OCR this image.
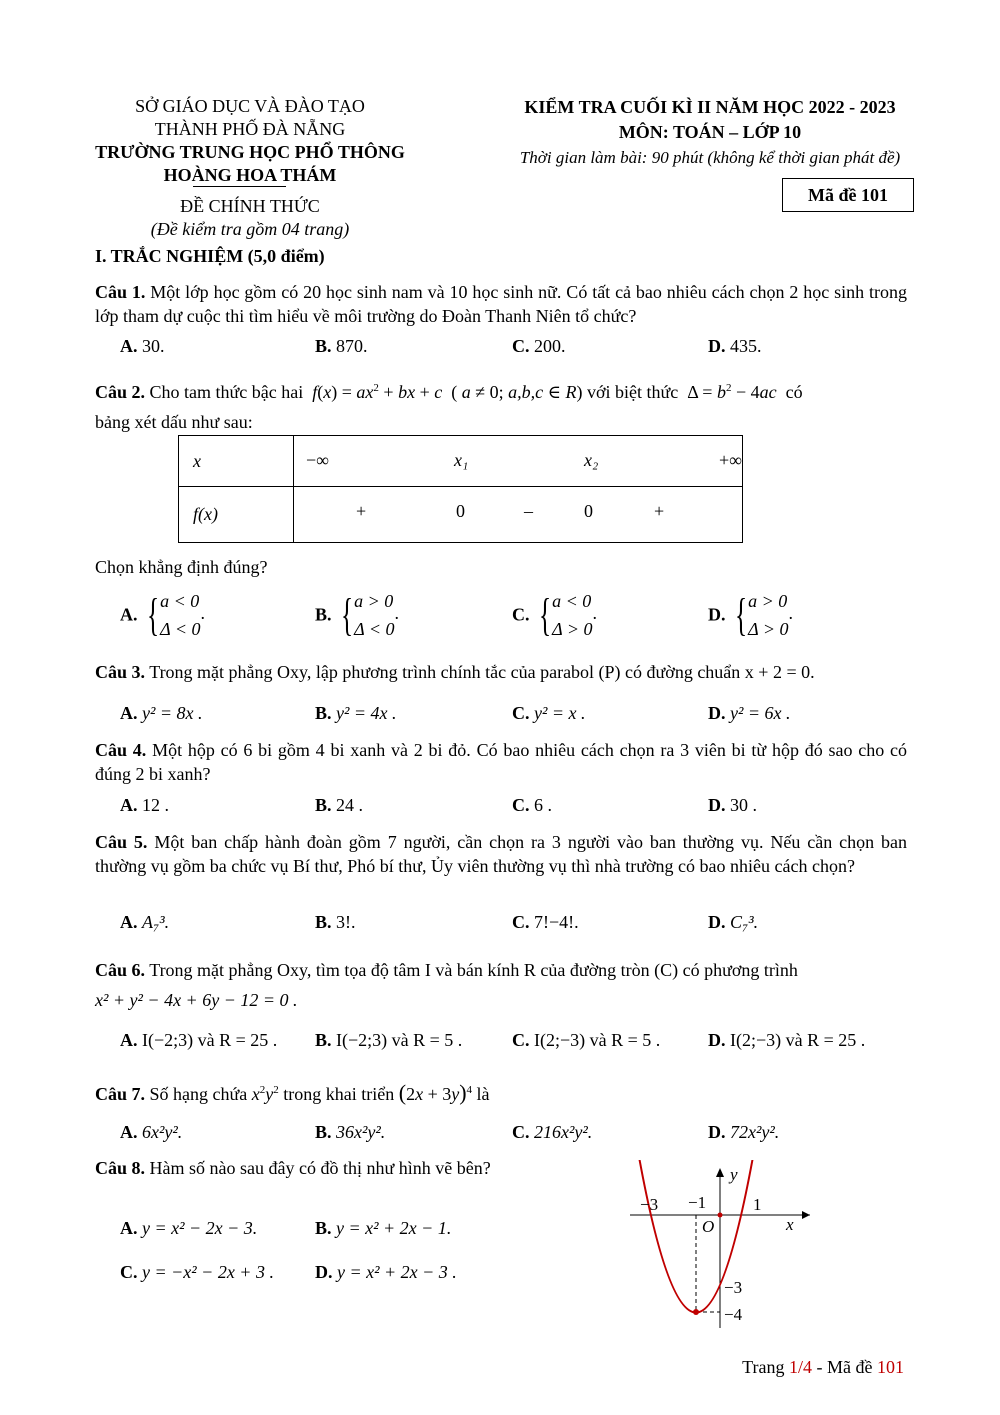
SỞ GIÁO DỤC VÀ ĐÀO TẠO
THÀNH PHỐ ĐÀ NẴNG
TRƯỜNG TRUNG HỌC PHỔ THÔNG
HOÀNG HOA THÁM
ĐỀ CHÍNH THỨC
(Đề kiểm tra gồm 04 trang)
KIỂM TRA CUỐI KÌ II NĂM HỌC 2022 - 2023
MÔN: TOÁN – LỚP 10
Thời gian làm bài: 90 phút (không kể thời gian phát đề)
Mã đề 101
I. TRẮC NGHIỆM (5,0 điểm)
Câu 1. Một lớp học gồm có 20 học sinh nam và 10 học sinh nữ. Có tất cả bao nhiêu cách chọn 2 học sinh trong lớp tham dự cuộc thi tìm hiểu về môi trường do Đoàn Thanh Niên tổ chức?
A. 30.	B. 870.	C. 200.	D. 435.
Câu 2. Cho tam thức bậc hai $f(x) = ax^2$ + bx + c  ( a ≠ 0; a,b,c ∈ R) với biệt thức  $\Delta = b^2 - 4ac$ có
bảng xét dấu như sau:
x	−∞ x₁ x₂ +∞

f(x)	+ 0 – 0 +
Chọn khẳng định đúng?
A. {a < 0
Δ < 0.	B. {a > 0
Δ < 0.	C. {a < 0
Δ > 0.	D. {a > 0
Δ > 0.
Câu 3. Trong mặt phẳng Oxy, lập phương trình chính tắc của parabol (P) có đường chuẩn x + 2 = 0.
A. y² = 8x .	B. y² = 4x .	C. y² = x .	D. y² = 6x .
Câu 4. Một hộp có 6 bi gồm 4 bi xanh và 2 bi đỏ. Có bao nhiêu cách chọn ra 3 viên bi từ hộp đó sao cho có đúng 2 bi xanh?
A. 12 .	B. 24 .	C. 6 .	D. 30 .
Câu 5. Một ban chấp hành đoàn gồm 7 người, cần chọn ra 3 người vào ban thường vụ. Nếu cần chọn ban thường vụ gồm ba chức vụ Bí thư, Phó bí thư, Ủy viên thường vụ thì nhà trường có bao nhiêu cách chọn?
A. A₇³.	B. 3!.	C. 7!−4!.	D. C₇³.
Câu 6. Trong mặt phẳng Oxy, tìm tọa độ tâm I và bán kính R của đường tròn (C) có phương trình
x² + y² − 4x + 6y − 12 = 0 .
A. I(−2;3) và R = 25 . B. I(−2;3) và R = 5 .	C. I(2;−3) và R = 5 .	D. I(2;−3) và R = 25 .
Câu 7. Số hạng chứa $x^2y^2$ trong khai triển $(2x + 3y)^4$ là
A. 6x²y².	B. 36x²y².	C. 216x²y².	D. 72x²y².
Câu 8. Hàm số nào sau đây có đồ thị như hình vẽ bên?
A. y = x² − 2x − 3.	B. y = x² + 2x − 1.
C. y = −x² − 2x + 3 . D. y = x² + 2x − 3 .
y
x
O
−3 −1	1
−3
−4
Trang 1/4 - Mã đề 101
